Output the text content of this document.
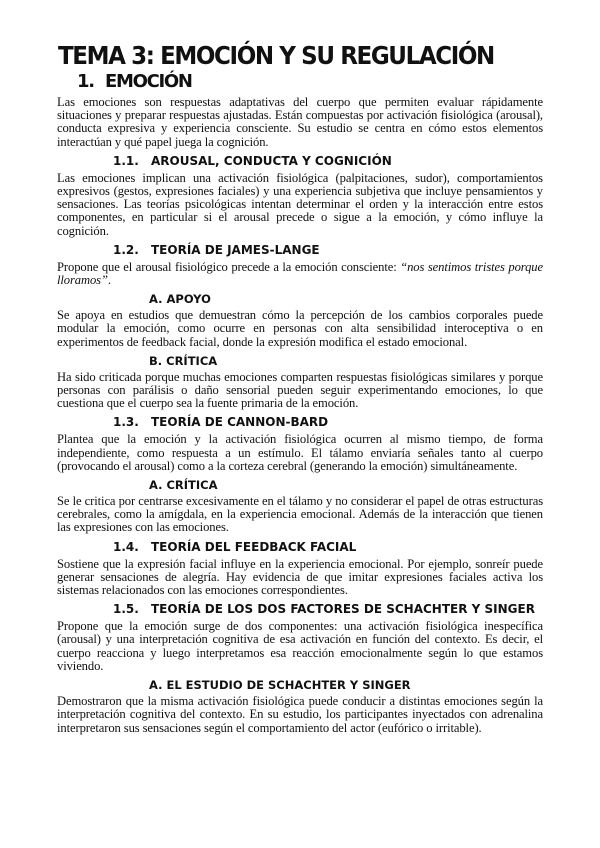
TEMA 3: EMOCIÓN Y SU REGULACIÓN
1. EMOCIÓN

Las emociones son respuestas adaptativas del cuerpo que permiten evaluar rápidamente situaciones y preparar respuestas ajustadas. Están compuestas por activación fisiológica (arousal), conducta expresiva y experiencia consciente. Su estudio se centra en cómo estos elementos interactúan y qué papel juega la cognición.

1.1.	AROUSAL, CONDUCTA Y COGNICIÓN

Las emociones implican una activación fisiológica (palpitaciones, sudor), comportamientos expresivos (gestos, expresiones faciales) y una experiencia subjetiva que incluye pensamientos y sensaciones. Las teorías psicológicas intentan determinar el orden y la interacción entre estos componentes, en particular si el arousal precede o sigue a la emoción, y cómo influye la cognición.

1.2.	TEORÍA DE JAMES-LANGE

Propone que el arousal fisiológico precede a la emoción consciente: “nos sentimos tristes porque lloramos”.

A. APOYO

Se apoya en estudios que demuestran cómo la percepción de los cambios corporales puede modular la emoción, como ocurre en personas con alta sensibilidad interoceptiva o en experimentos de feedback facial, donde la expresión modifica el estado emocional.

B. CRÍTICA

Ha sido criticada porque muchas emociones comparten respuestas fisiológicas similares y porque personas con parálisis o daño sensorial pueden seguir experimentando emociones, lo que cuestiona que el cuerpo sea la fuente primaria de la emoción.

1.3.	TEORÍA DE CANNON-BARD

Plantea que la emoción y la activación fisiológica ocurren al mismo tiempo, de forma independiente, como respuesta a un estímulo. El tálamo enviaría señales tanto al cuerpo (provocando el arousal) como a la corteza cerebral (generando la emoción) simultáneamente.

A. CRÍTICA

Se le critica por centrarse excesivamente en el tálamo y no considerar el papel de otras estructuras cerebrales, como la amígdala, en la experiencia emocional. Además de la interacción que tienen las expresiones con las emociones.

1.4.	TEORÍA DEL FEEDBACK FACIAL

Sostiene que la expresión facial influye en la experiencia emocional. Por ejemplo, sonreír puede generar sensaciones de alegría. Hay evidencia de que imitar expresiones faciales activa los sistemas relacionados con las emociones correspondientes.

1.5.	TEORÍA DE LOS DOS FACTORES DE SCHACHTER Y SINGER

Propone que la emoción surge de dos componentes: una activación fisiológica inespecífica (arousal) y una interpretación cognitiva de esa activación en función del contexto. Es decir, el cuerpo reacciona y luego interpretamos esa reacción emocionalmente según lo que estamos viviendo.

A. EL ESTUDIO DE SCHACHTER Y SINGER

Demostraron que la misma activación fisiológica puede conducir a distintas emociones según la interpretación cognitiva del contexto. En su estudio, los participantes inyectados con adrenalina interpretaron sus sensaciones según el comportamiento del actor (eufórico o irritable).
